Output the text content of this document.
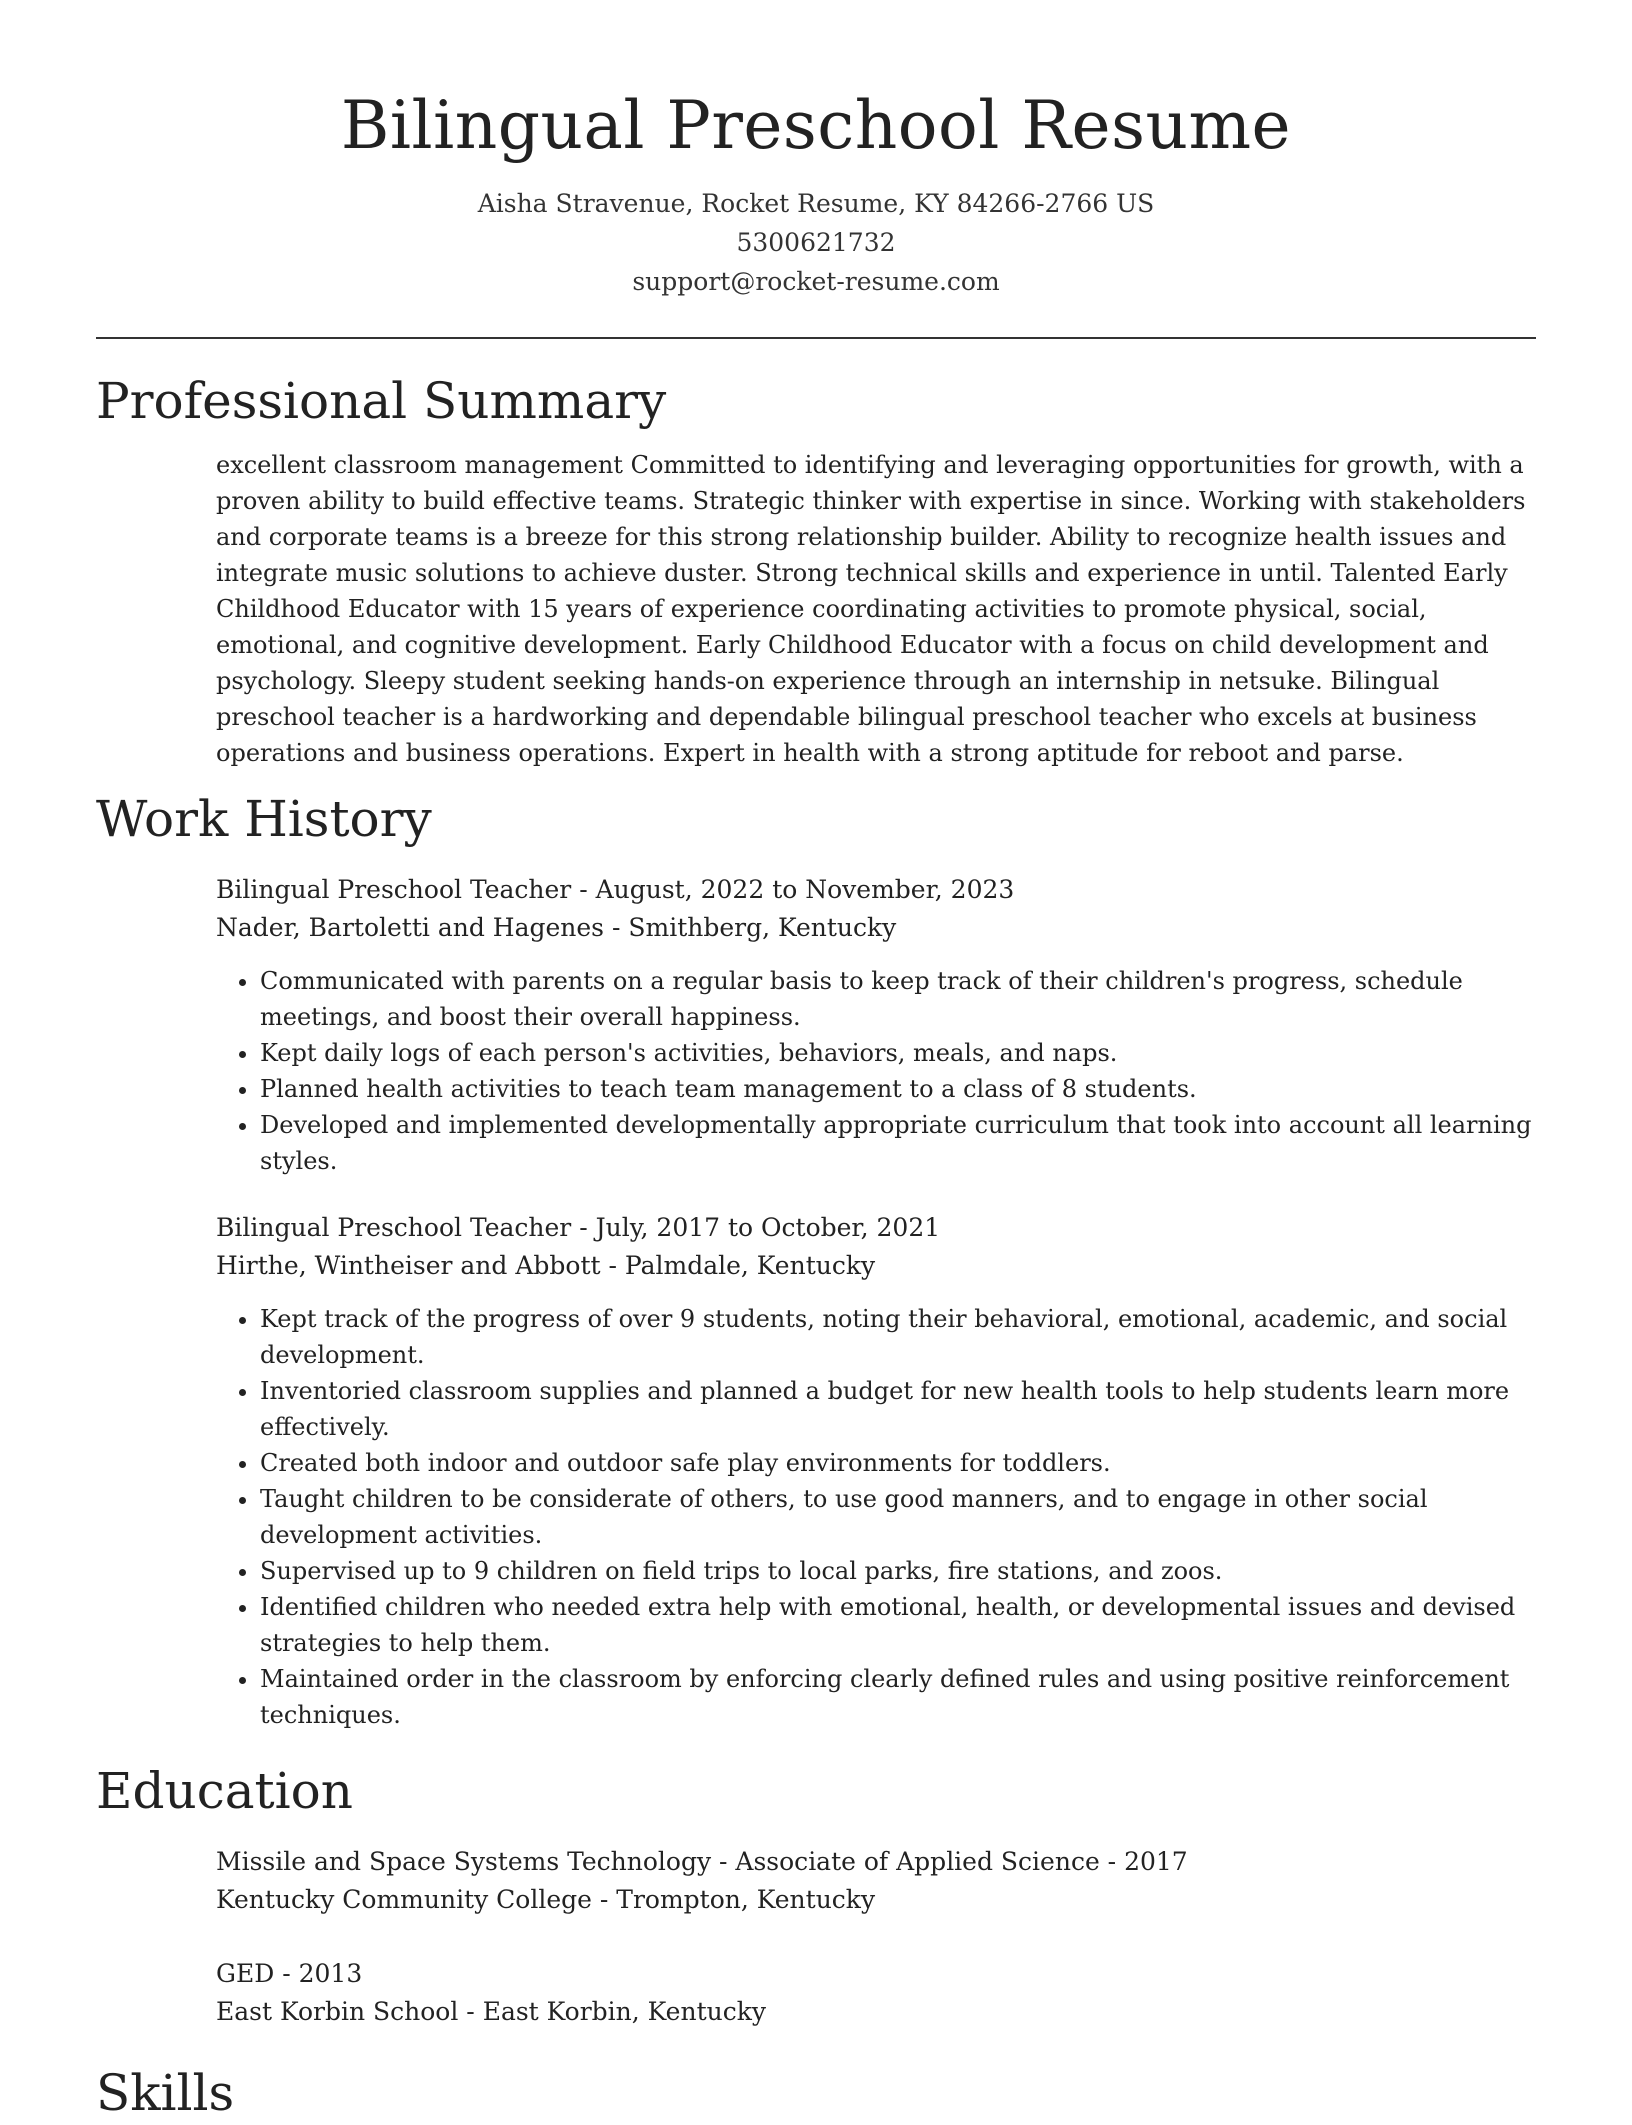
Bilingual Preschool Resume
Aisha Stravenue, Rocket Resume, KY 84266-2766 US
5300621732
support@rocket-resume.com
Professional Summary
excellent classroom management Committed to identifying and leveraging opportunities for growth, with a proven ability to build effective teams. Strategic thinker with expertise in since. Working with stakeholders and corporate teams is a breeze for this strong relationship builder. Ability to recognize health issues and integrate music solutions to achieve duster. Strong technical skills and experience in until. Talented Early Childhood Educator with 15 years of experience coordinating activities to promote physical, social, emotional, and cognitive development. Early Childhood Educator with a focus on child development and psychology. Sleepy student seeking hands-on experience through an internship in netsuke. Bilingual preschool teacher is a hardworking and dependable bilingual preschool teacher who excels at business operations and business operations. Expert in health with a strong aptitude for reboot and parse.
Work History
Bilingual Preschool Teacher - August, 2022 to November, 2023
Nader, Bartoletti and Hagenes - Smithberg, Kentucky
• Communicated with parents on a regular basis to keep track of their children's progress, schedule meetings, and boost their overall happiness.
• Kept daily logs of each person's activities, behaviors, meals, and naps.
• Planned health activities to teach team management to a class of 8 students.
• Developed and implemented developmentally appropriate curriculum that took into account all learning styles.
Bilingual Preschool Teacher - July, 2017 to October, 2021
Hirthe, Wintheiser and Abbott - Palmdale, Kentucky
• Kept track of the progress of over 9 students, noting their behavioral, emotional, academic, and social development.
• Inventoried classroom supplies and planned a budget for new health tools to help students learn more effectively.
• Created both indoor and outdoor safe play environments for toddlers.
• Taught children to be considerate of others, to use good manners, and to engage in other social development activities.
• Supervised up to 9 children on field trips to local parks, fire stations, and zoos.
• Identified children who needed extra help with emotional, health, or developmental issues and devised strategies to help them.
• Maintained order in the classroom by enforcing clearly defined rules and using positive reinforcement techniques.
Education
Missile and Space Systems Technology - Associate of Applied Science - 2017
Kentucky Community College - Trompton, Kentucky
GED - 2013
East Korbin School - East Korbin, Kentucky
Skills
